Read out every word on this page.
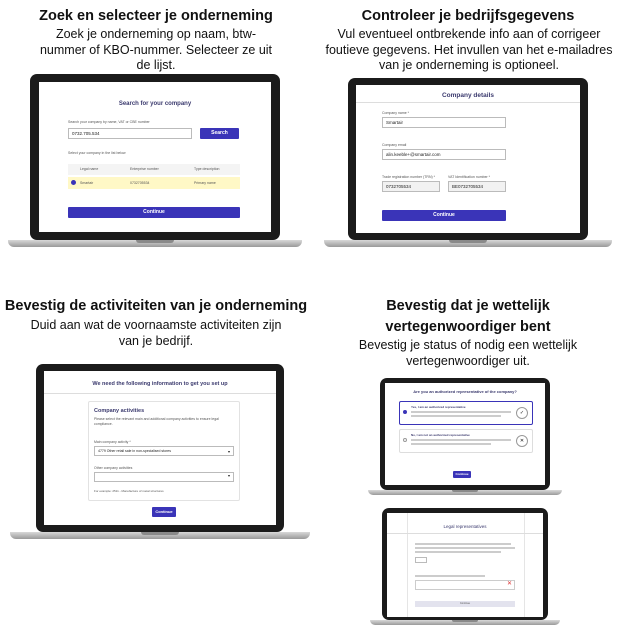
Zoek en selecteer je onderneming
Zoek je onderneming op naam, btw-nummer of KBO-nummer. Selecteer ze uit de lijst.
Search for your company
Search your company by name, VAT or CBE number
0732.705.534	Search
Select your company in the list below
Legal name	Enterprise number	Type description
Smartair	0732705534	Primary name
Continue
Controleer je bedrijfsgegevens
Vul eventueel ontbrekende info aan of corrigeer foutieve gegevens. Het invullen van het e-mailadres van je onderneming is optioneel.
Company details
Company name *
Smartair
Company email
alin.keeble+@smartair.com
Trade registration number (TRN) *
0732705534
VAT Identification number *
BE0732705534
Continue
Bevestig de activiteiten van je onderneming
Duid aan wat de voornaamste activiteiten zijn van je bedrijf.
We need the following information to get you set up
Company activities
Please select the relevant main and additional company activities to ensure legal compliance.
Main company activity *
4779 Other retail sale in non-specialised stores	▾
Other company activities
▾
For example: 2511 - Manufacture of metal structures
Continue
Bevestig dat je wettelijk vertegenwoordiger bent
Bevestig je status of nodig een wettelijk vertegenwoordiger uit.
Are you an authorized representative of the company?
Yes, I am an authorized representative
✓
No, I am not an authorized representative
✕
Continue
Legal representatives
✕
Continue
